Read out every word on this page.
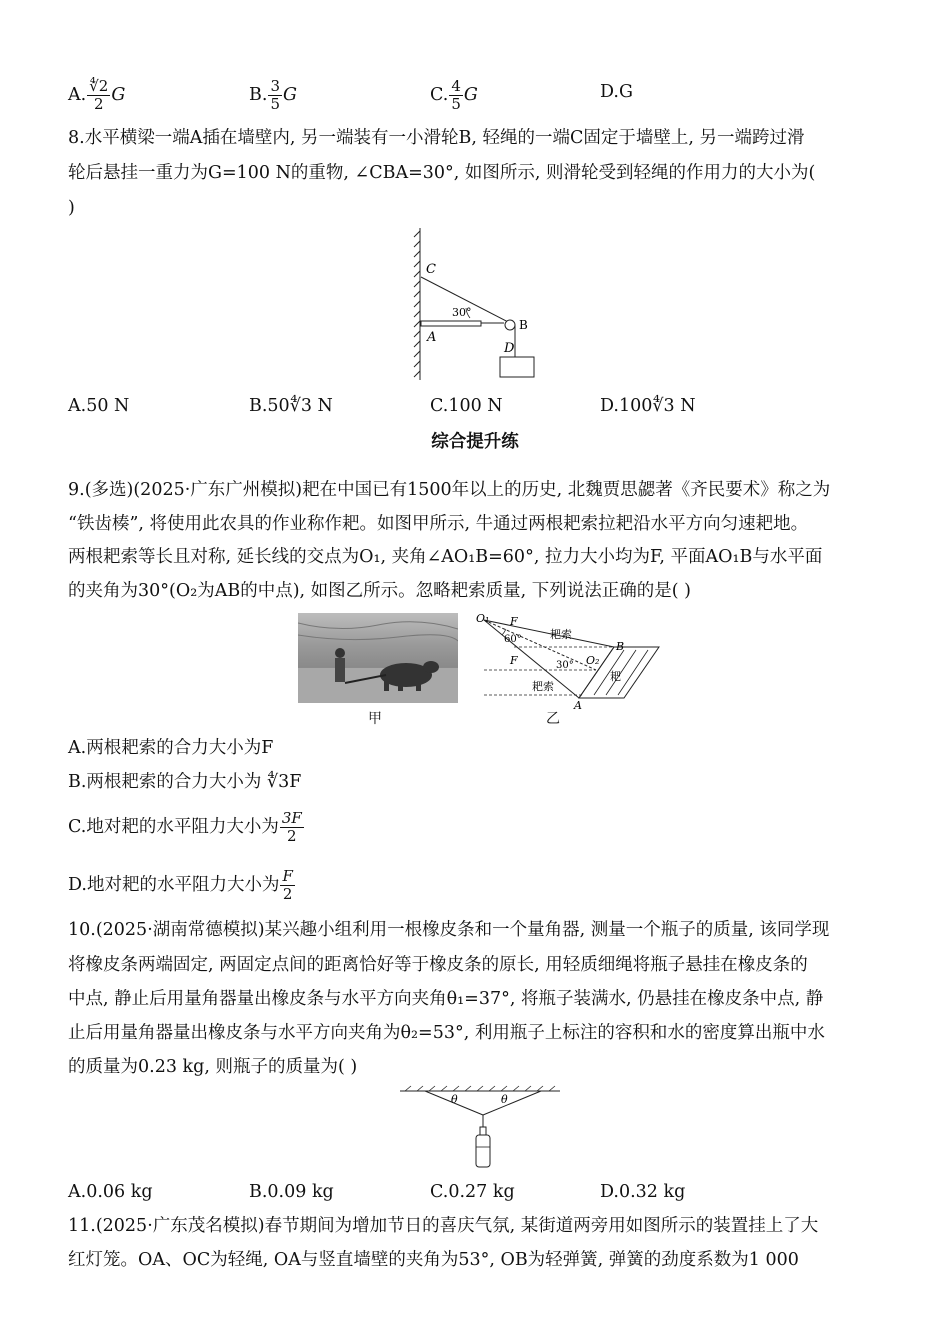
A. $\frac{∜2}{2}$ G	B. $\frac{3}{5}$ G	C. $\frac{4}{5}$ G	D.G
8.水平横梁一端A插在墙壁内, 另一端装有一小滑轮B, 轻绳的一端C固定于墙壁上, 另一端跨过滑
轮后悬挂一重力为G=100 N的重物, ∠CBA=30°, 如图所示, 则滑轮受到轻绳的作用力的大小为(
)
C
30°
B
A
D
A.50 N	B.50∜3 N	C.100 N	D.100∜3 N
综合提升练
9.(多选)(2025·广东广州模拟)耙在中国已有1500年以上的历史, 北魏贾思勰著《齐民要术》称之为
“铁齿楱”, 将使用此农具的作业称作耙。如图甲所示, 牛通过两根耙索拉耙沿水平方向匀速耙地。
两根耙索等长且对称, 延长线的交点为O₁, 夹角∠AO₁B=60°, 拉力大小均为F, 平面AO₁B与水平面
的夹角为30°(O₂为AB的中点), 如图乙所示。忽略耙索质量, 下列说法正确的是( )
甲
O₁ F
60°	耙索
B
F	30° O₂
耙
耙索
A
乙
A.两根耙索的合力大小为F
B.两根耙索的合力大小为 ∜3F
C.地对耙的水平阻力大小为 $\frac{3F}{2}$
D.地对耙的水平阻力大小为 $\frac{F}{2}$
10.(2025·湖南常德模拟)某兴趣小组利用一根橡皮条和一个量角器, 测量一个瓶子的质量, 该同学现
将橡皮条两端固定, 两固定点间的距离恰好等于橡皮条的原长, 用轻质细绳将瓶子悬挂在橡皮条的
中点, 静止后用量角器量出橡皮条与水平方向夹角θ₁=37°, 将瓶子装满水, 仍悬挂在橡皮条中点, 静
止后用量角器量出橡皮条与水平方向夹角为θ₂=53°, 利用瓶子上标注的容积和水的密度算出瓶中水
的质量为0.23 kg, 则瓶子的质量为( )
θ	θ
A.0.06 kg	B.0.09 kg	C.0.27 kg	D.0.32 kg
11.(2025·广东茂名模拟)春节期间为增加节日的喜庆气氛, 某街道两旁用如图所示的装置挂上了大
红灯笼。OA、OC为轻绳, OA与竖直墙壁的夹角为53°, OB为轻弹簧, 弹簧的劲度系数为1 000
